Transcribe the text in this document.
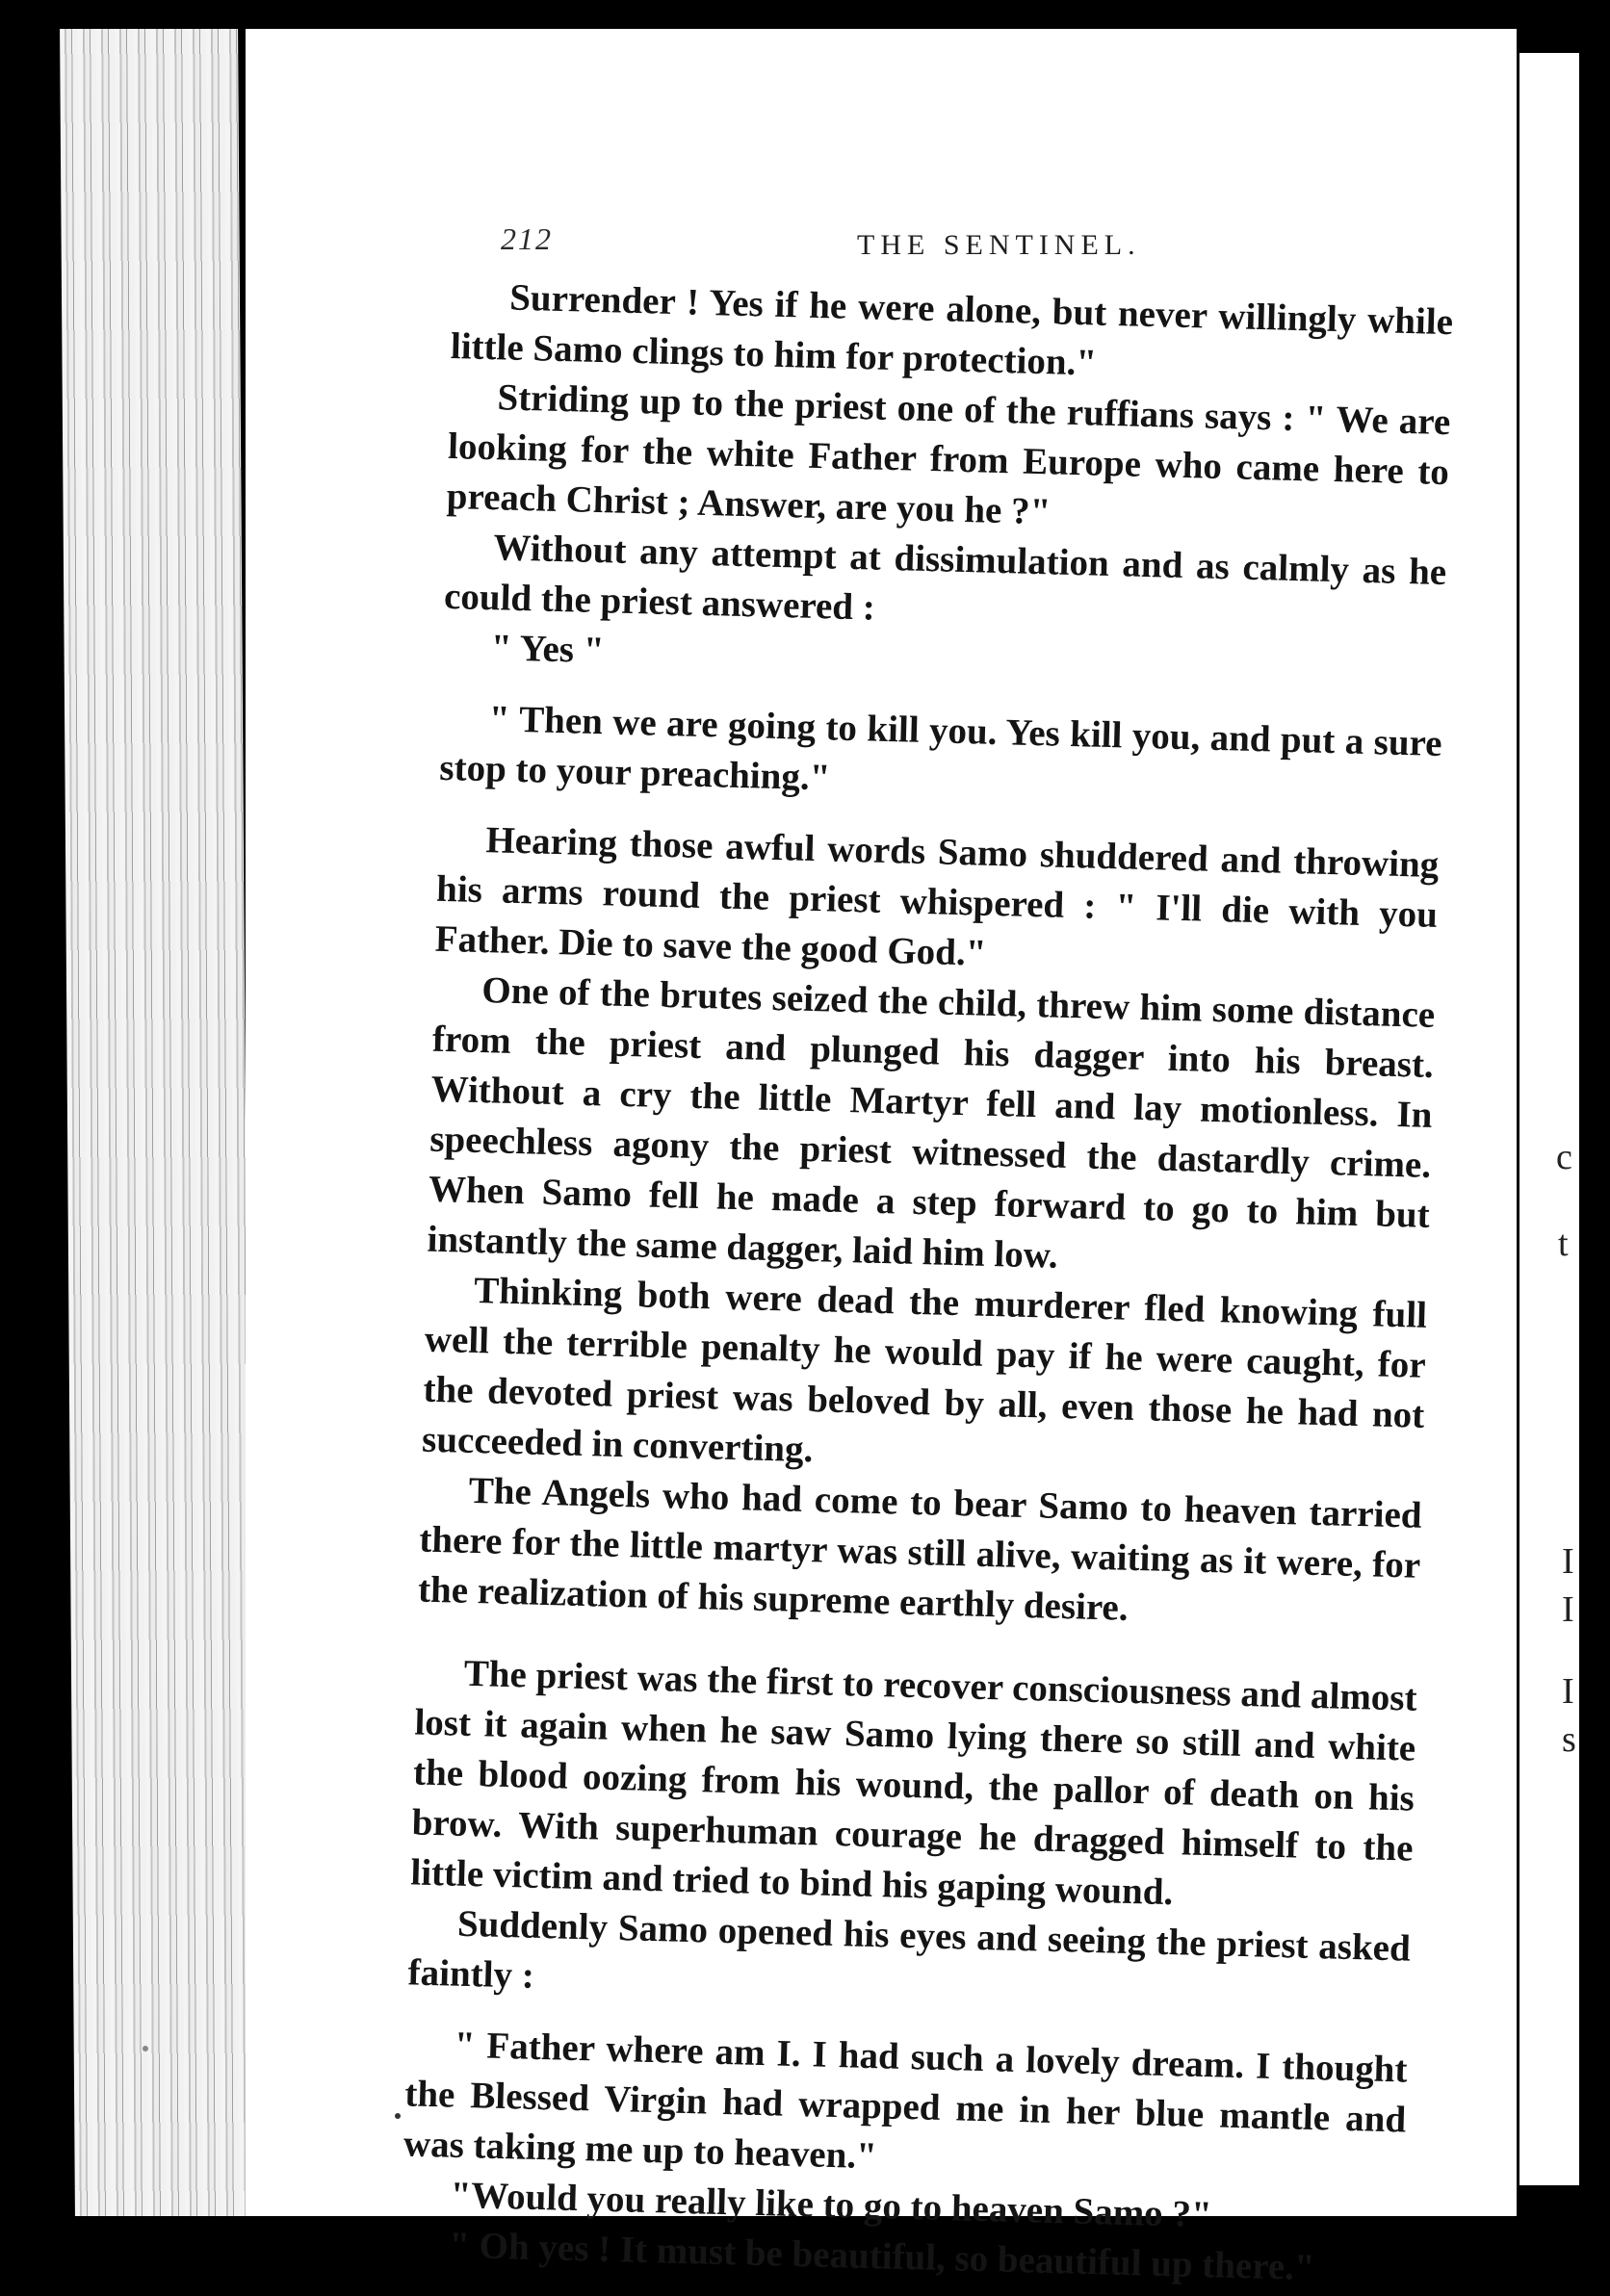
c
t
I
I
I
s
212	THE SENTINEL.

Surrender ! Yes if he were alone, but never willingly while little Samo clings to him for protection."

Striding up to the priest one of the ruffians says : " We are looking for the white Father from Europe who came here to preach Christ ; Answer, are you he ?"

Without any attempt at dissimulation and as calmly as he could the priest answered :

" Yes "

" Then we are going to kill you. Yes kill you, and put a sure stop to your preaching."

Hearing those awful words Samo shuddered and throwing his arms round the priest whispered : " I'll die with you Father. Die to save the good God."

One of the brutes seized the child, threw him some distance from the priest and plunged his dagger into his breast. Without a cry the little Martyr fell and lay motionless. In speechless agony the priest witnessed the dastardly crime. When Samo fell he made a step forward to go to him but instantly the same dagger, laid him low.

Thinking both were dead the murderer fled knowing full well the terrible penalty he would pay if he were caught, for the devoted priest was beloved by all, even those he had not succeeded in converting.

The Angels who had come to bear Samo to heaven tarried there for the little martyr was still alive, waiting as it were, for the realization of his supreme earthly desire.

The priest was the first to recover consciousness and almost lost it again when he saw Samo lying there so still and white the blood oozing from his wound, the pallor of death on his brow. With superhuman courage he dragged himself to the little victim and tried to bind his gaping wound.

Suddenly Samo opened his eyes and seeing the priest asked faintly :

" Father where am I. I had such a lovely dream. I thought the Blessed Virgin had wrapped me in her blue mantle and was taking me up to heaven."

"Would you really like to go to heaven Samo ?"

" Oh yes ! It must be beautiful, so beautiful up there."
